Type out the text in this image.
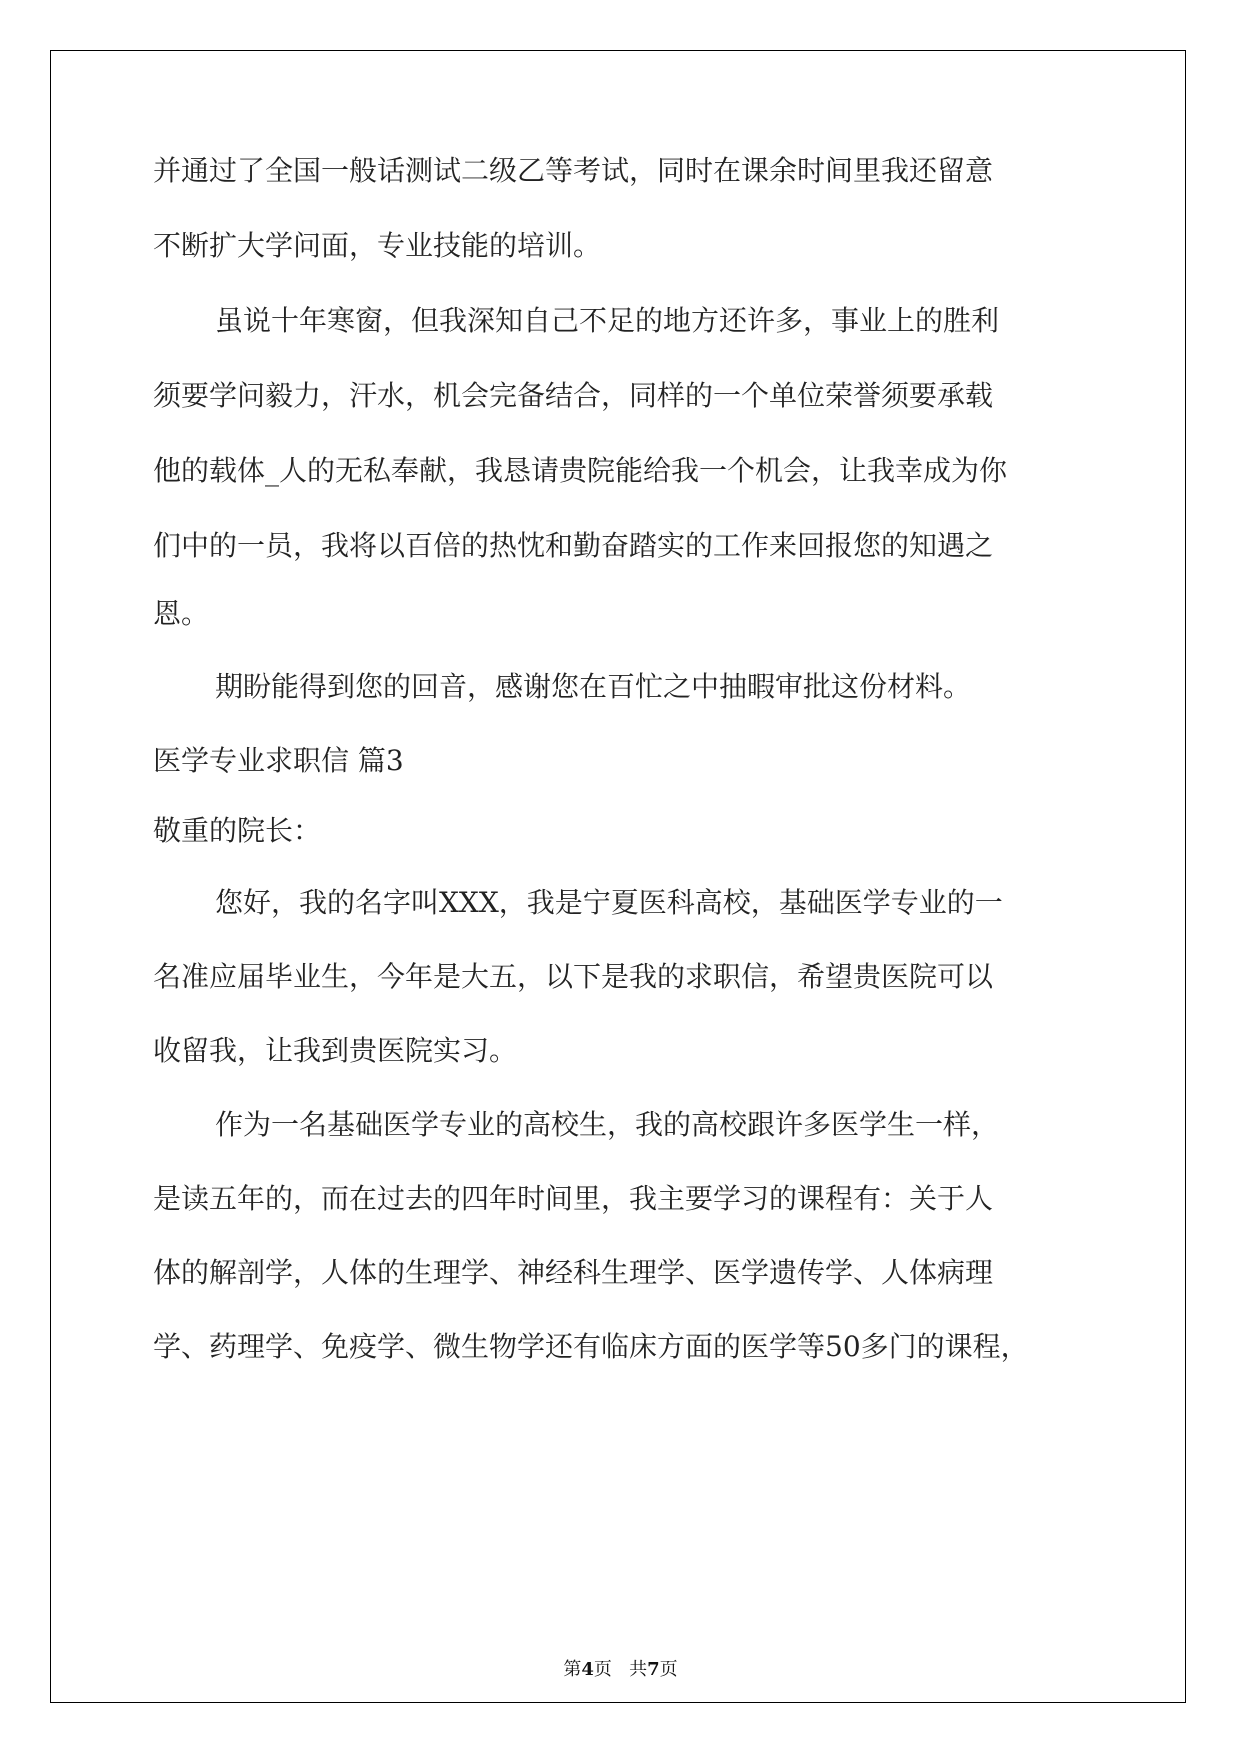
并通过了全国一般话测试二级乙等考试，同时在课余时间里我还留意
不断扩大学问面，专业技能的培训。
虽说十年寒窗，但我深知自己不足的地方还许多，事业上的胜利
须要学问毅力，汗水，机会完备结合，同样的一个单位荣誉须要承载
他的载体_人的无私奉献，我恳请贵院能给我一个机会，让我幸成为你
们中的一员，我将以百倍的热忱和勤奋踏实的工作来回报您的知遇之
恩。
期盼能得到您的回音，感谢您在百忙之中抽暇审批这份材料。
医学专业求职信 篇3
敬重的院长：
您好，我的名字叫XXX，我是宁夏医科高校，基础医学专业的一
名准应届毕业生，今年是大五，以下是我的求职信，希望贵医院可以
收留我，让我到贵医院实习。
作为一名基础医学专业的高校生，我的高校跟许多医学生一样，
是读五年的，而在过去的四年时间里，我主要学习的课程有：关于人
体的解剖学，人体的生理学、神经科生理学、医学遗传学、人体病理
学、药理学、免疫学、微生物学还有临床方面的医学等50多门的课程，
第4页 共7页
